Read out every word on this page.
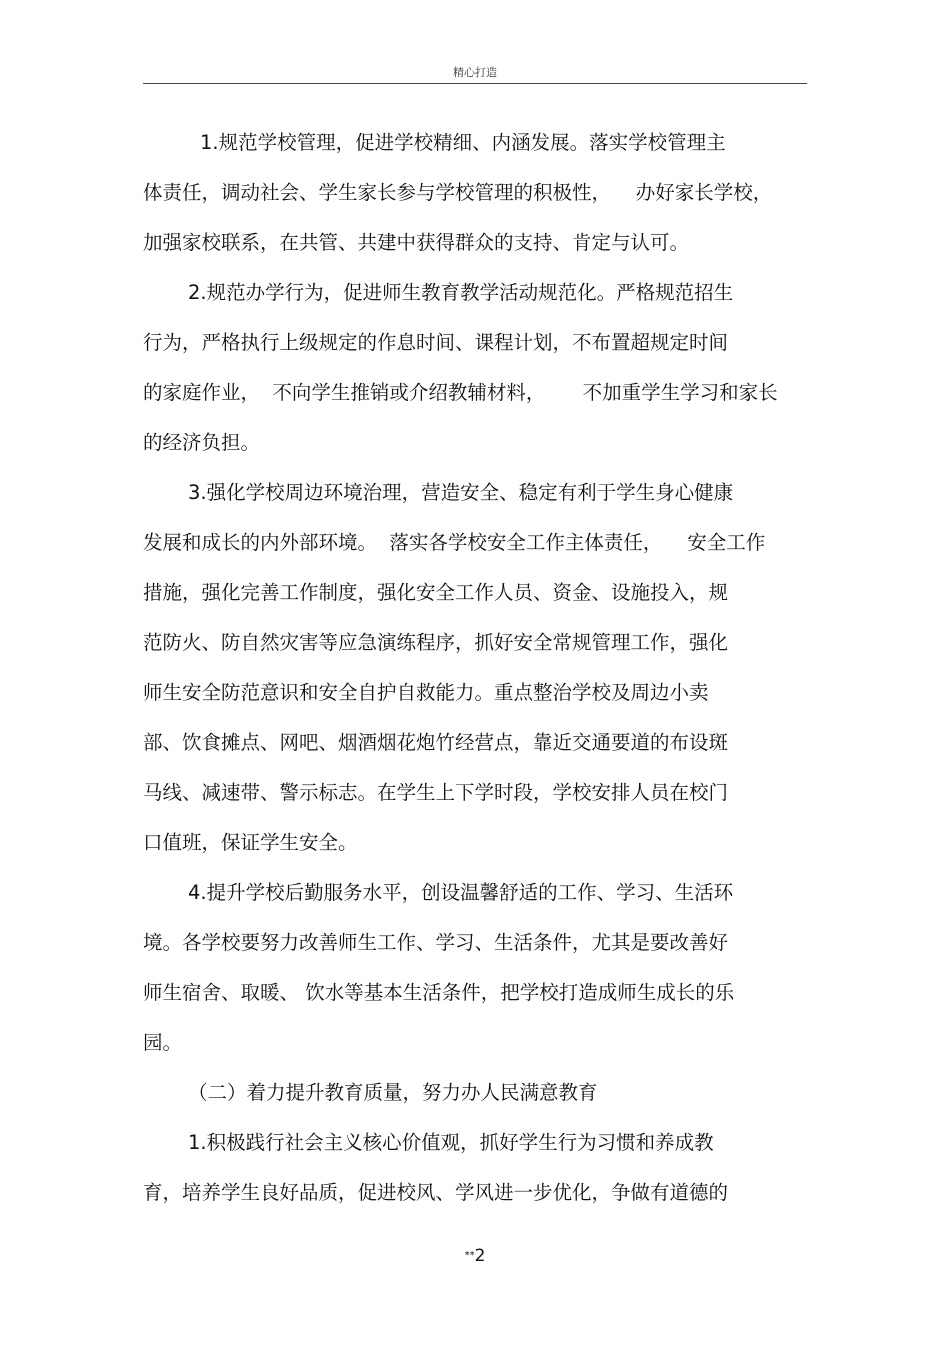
精心打造
1.规范学校管理，促进学校精细、内涵发展。落实学校管理主
体责任，调动社会、学生家长参与学校管理的积极性，    办好家长学校，
加强家校联系，在共管、共建中获得群众的支持、肯定与认可。
2.规范办学行为，促进师生教育教学活动规范化。严格规范招生
行为，严格执行上级规定的作息时间、课程计划，不布置超规定时间
的家庭作业，  不向学生推销或介绍教辅材料，      不加重学生学习和家长
的经济负担。
3.强化学校周边环境治理，营造安全、稳定有利于学生身心健康
发展和成长的内外部环境。  落实各学校安全工作主体责任，    安全工作
措施，强化完善工作制度，强化安全工作人员、资金、设施投入，规
范防火、防自然灾害等应急演练程序，抓好安全常规管理工作，强化
师生安全防范意识和安全自护自救能力。重点整治学校及周边小卖
部、饮食摊点、网吧、烟酒烟花炮竹经营点，靠近交通要道的布设斑
马线、减速带、警示标志。在学生上下学时段，学校安排人员在校门
口值班，保证学生安全。
4.提升学校后勤服务水平，创设温馨舒适的工作、学习、生活环
境。各学校要努力改善师生工作、学习、生活条件，尤其是要改善好
师生宿舍、取暖、 饮水等基本生活条件，把学校打造成师生成长的乐
园。
（二）着力提升教育质量，努力办人民满意教育
1.积极践行社会主义核心价值观，抓好学生行为习惯和养成教
育，培养学生良好品质，促进校风、学风进一步优化，争做有道德的
**2
